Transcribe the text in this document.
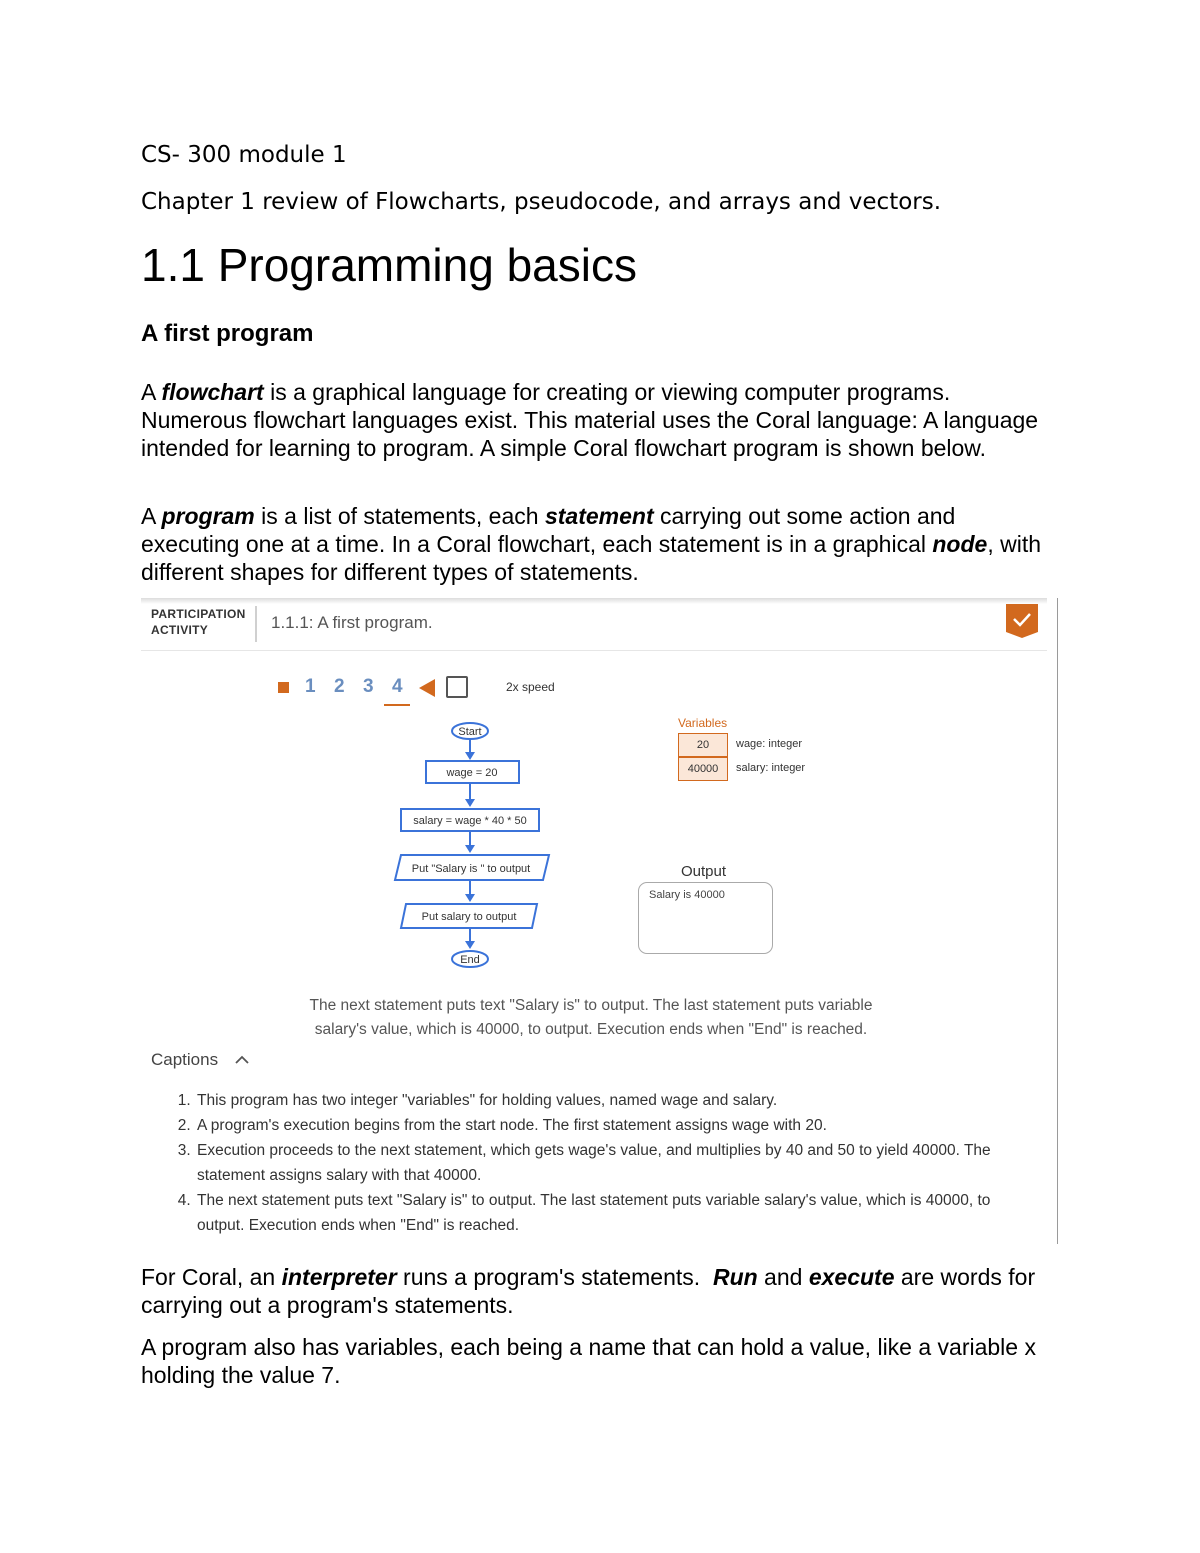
CS- 300 module 1

Chapter 1 review of Flowcharts, pseudocode, and arrays and vectors.

1.1 Programming basics
A first program

A flowchart is a graphical language for creating or viewing computer programs. Numerous flowchart languages exist. This material uses the Coral language: A language intended for learning to program. A simple Coral flowchart program is shown below.

A program is a list of statements, each statement carrying out some action and executing one at a time. In a Coral flowchart, each statement is in a graphical node, with different shapes for different types of statements.

PARTICIPATION
ACTIVITY	1.1.1: A first program.
1 2 3 4	2x speed
Start
wage = 20
salary = wage * 40 * 50
Put "Salary is " to output
Put salary to output
End
Variables
20	wage: integer
40000	salary: integer
Output
Salary is 40000
The next statement puts text "Salary is" to output. The last statement puts variable
salary's value, which is 40000, to output. Execution ends when "End" is reached.
Captions
1. This program has two integer "variables" for holding values, named wage and salary.
2. A program's execution begins from the start node. The first statement assigns wage with 20.
3. Execution proceeds to the next statement, which gets wage's value, and multiplies by 40 and 50 to yield 40000. The statement assigns salary with that 40000.
4. The next statement puts text "Salary is" to output. The last statement puts variable salary's value, which is 40000, to output. Execution ends when "End" is reached.

For Coral, an interpreter runs a program's statements.  Run and execute are words for carrying out a program's statements.

A program also has variables, each being a name that can hold a value, like a variable x holding the value 7.
